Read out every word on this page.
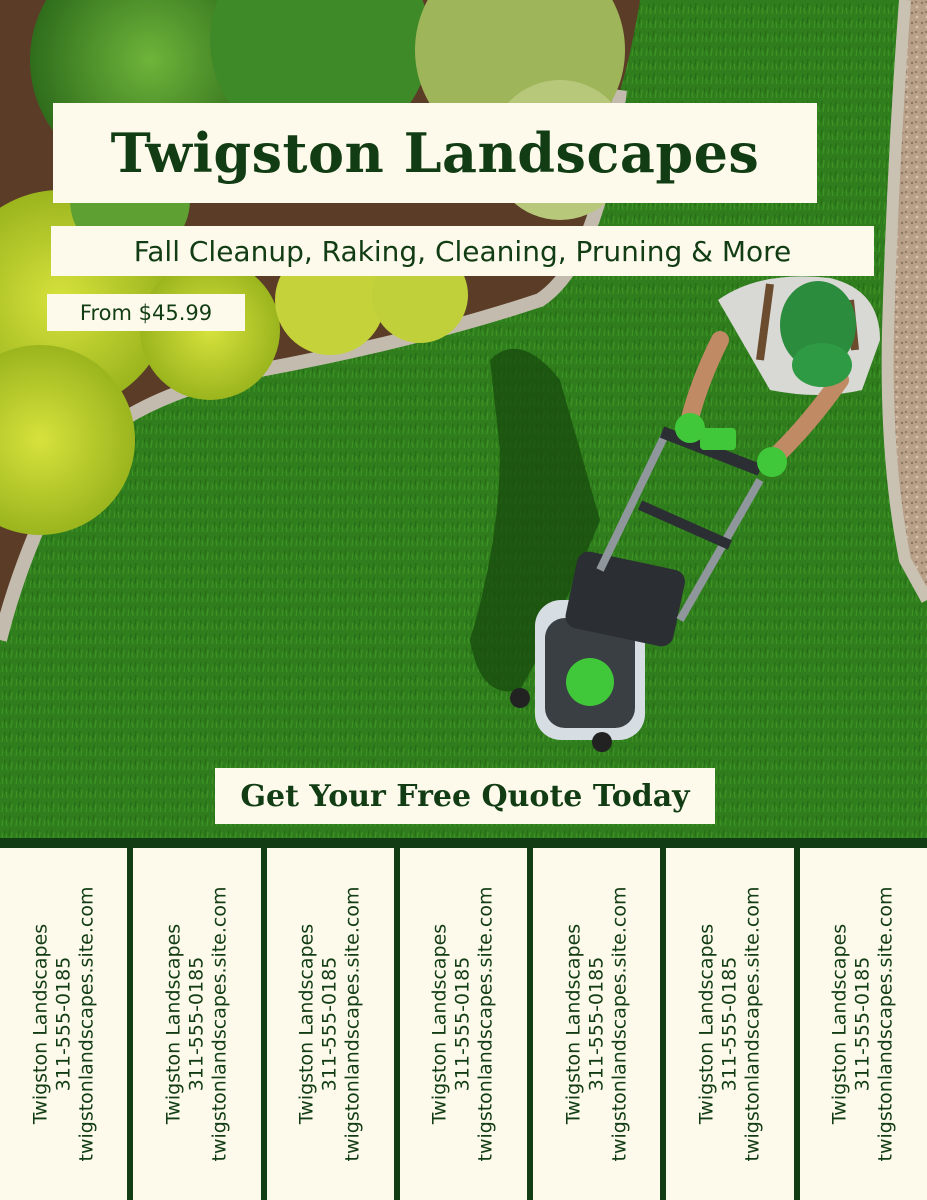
Twigston Landscapes
Fall Cleanup, Raking, Cleaning, Pruning & More
From $45.99
Get Your Free Quote Today
Twigston Landscapes 311-555-0185 twigstonlandscapes.site.com	Twigston Landscapes 311-555-0185 twigstonlandscapes.site.com	Twigston Landscapes 311-555-0185 twigstonlandscapes.site.com	Twigston Landscapes 311-555-0185 twigstonlandscapes.site.com	Twigston Landscapes 311-555-0185 twigstonlandscapes.site.com	Twigston Landscapes 311-555-0185 twigstonlandscapes.site.com	Twigston Landscapes 311-555-0185 twigstonlandscapes.site.com
